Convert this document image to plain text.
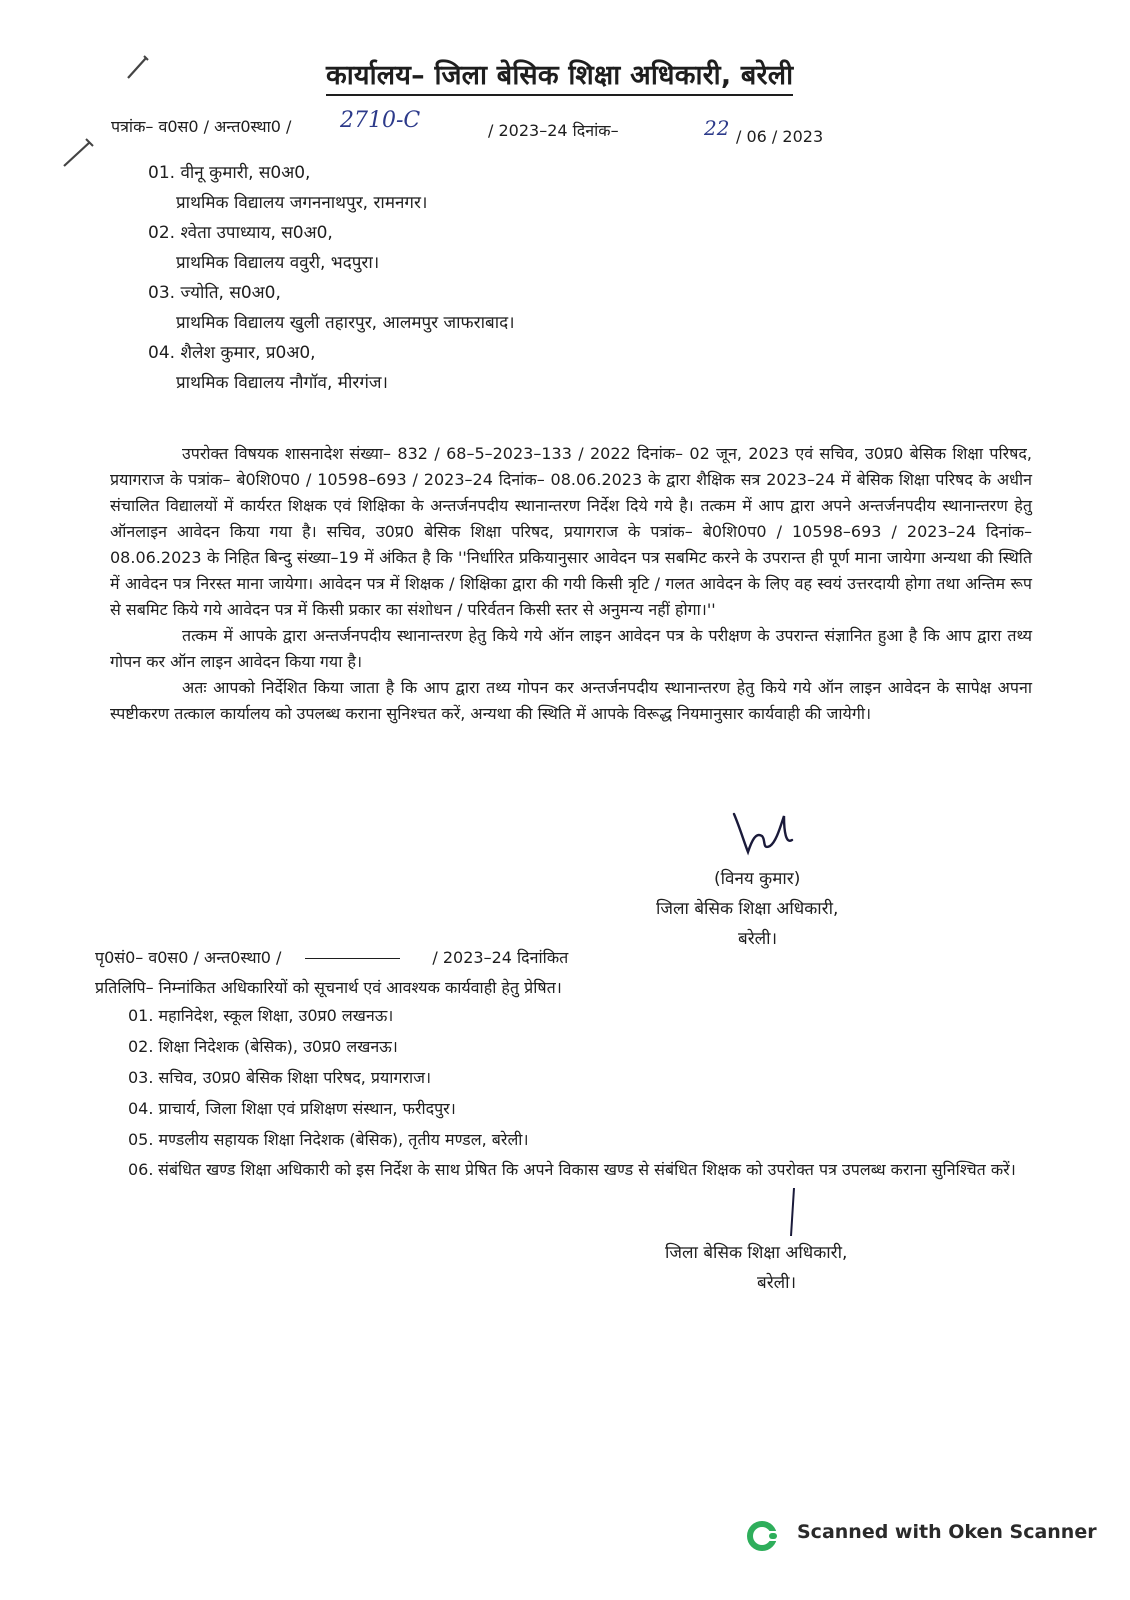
कार्यालय– जिला बेसिक शिक्षा अधिकारी, बरेली
पत्रांक– व0स0 / अन्त0स्था0 / 2710-C	/ 2023–24 दिनांक–	22 / 06 / 2023
01. वीनू कुमारी, स0अ0,
प्राथमिक विद्यालय जगननाथपुर, रामनगर।
02. श्वेता उपाध्याय, स0अ0,
प्राथमिक विद्यालय ववुरी, भदपुरा।
03. ज्योति, स0अ0,
प्राथमिक विद्यालय खुली तहारपुर, आलमपुर जाफराबाद।
04. शैलेश कुमार, प्र0अ0,
प्राथमिक विद्यालय नौगॉव, मीरगंज।

उपरोक्त विषयक शासनादेश संख्या– 832 / 68–5–2023–133 / 2022 दिनांक– 02 जून, 2023 एवं सचिव, उ0प्र0 बेसिक शिक्षा परिषद, प्रयागराज के पत्रांक– बे0शि0प0 / 10598–693 / 2023–24 दिनांक– 08.06.2023 के द्वारा शैक्षिक सत्र 2023–24 में बेसिक शिक्षा परिषद के अधीन संचालित विद्यालयों में कार्यरत शिक्षक एवं शिक्षिका के अन्तर्जनपदीय स्थानान्तरण निर्देश दिये गये है। तत्कम में आप द्वारा अपने अन्तर्जनपदीय स्थानान्तरण हेतु ऑनलाइन आवेदन किया गया है। सचिव, उ0प्र0 बेसिक शिक्षा परिषद, प्रयागराज के पत्रांक– बे0शि0प0 / 10598–693 / 2023–24 दिनांक– 08.06.2023 के निहित बिन्दु संख्या–19 में अंकित है कि ''निर्धारित प्रकियानुसार आवेदन पत्र सबमिट करने के उपरान्त ही पूर्ण माना जायेगा अन्यथा की स्थिति में आवेदन पत्र निरस्त माना जायेगा। आवेदन पत्र में शिक्षक / शिक्षिका द्वारा की गयी किसी त्रृटि / गलत आवेदन के लिए वह स्वयं उत्तरदायी होगा तथा अन्तिम रूप से सबमिट किये गये आवेदन पत्र में किसी प्रकार का संशोधन / परिर्वतन किसी स्तर से अनुमन्य नहीं होगा।''

तत्कम में आपके द्वारा अन्तर्जनपदीय स्थानान्तरण हेतु किये गये ऑन लाइन आवेदन पत्र के परीक्षण के उपरान्त संज्ञानित हुआ है कि आप द्वारा तथ्य गोपन कर ऑन लाइन आवेदन किया गया है।

अतः आपको निर्देशित किया जाता है कि आप द्वारा तथ्य गोपन कर अन्तर्जनपदीय स्थानान्तरण हेतु किये गये ऑन लाइन आवेदन के सापेक्ष अपना स्पष्टीकरण तत्काल कार्यालय को उपलब्ध कराना सुनिश्चत करें, अन्यथा की स्थिति में आपके विरूद्ध नियमानुसार कार्यवाही की जायेगी।

(विनय कुमार)
जिला बेसिक शिक्षा अधिकारी,
बरेली।
पृ0सं0– व0स0 / अन्त0स्था0 /	/ 2023–24 दिनांकित
प्रतिलिपि– निम्नांकित अधिकारियों को सूचनार्थ एवं आवश्यक कार्यवाही हेतु प्रेषित।
01. महानिदेश, स्कूल शिक्षा, उ0प्र0 लखनऊ।
02. शिक्षा निदेशक (बेसिक), उ0प्र0 लखनऊ।
03. सचिव, उ0प्र0 बेसिक शिक्षा परिषद, प्रयागराज।
04. प्राचार्य, जिला शिक्षा एवं प्रशिक्षण संस्थान, फरीदपुर।
05. मण्डलीय सहायक शिक्षा निदेशक (बेसिक), तृतीय मण्डल, बरेली।
06. संबंधित खण्ड शिक्षा अधिकारी को इस निर्देश के साथ प्रेषित कि अपने विकास खण्ड से संबंधित शिक्षक को उपरोक्त पत्र उपलब्ध कराना सुनिश्चित करें।
जिला बेसिक शिक्षा अधिकारी,
बरेली।
Scanned with Oken Scanner
